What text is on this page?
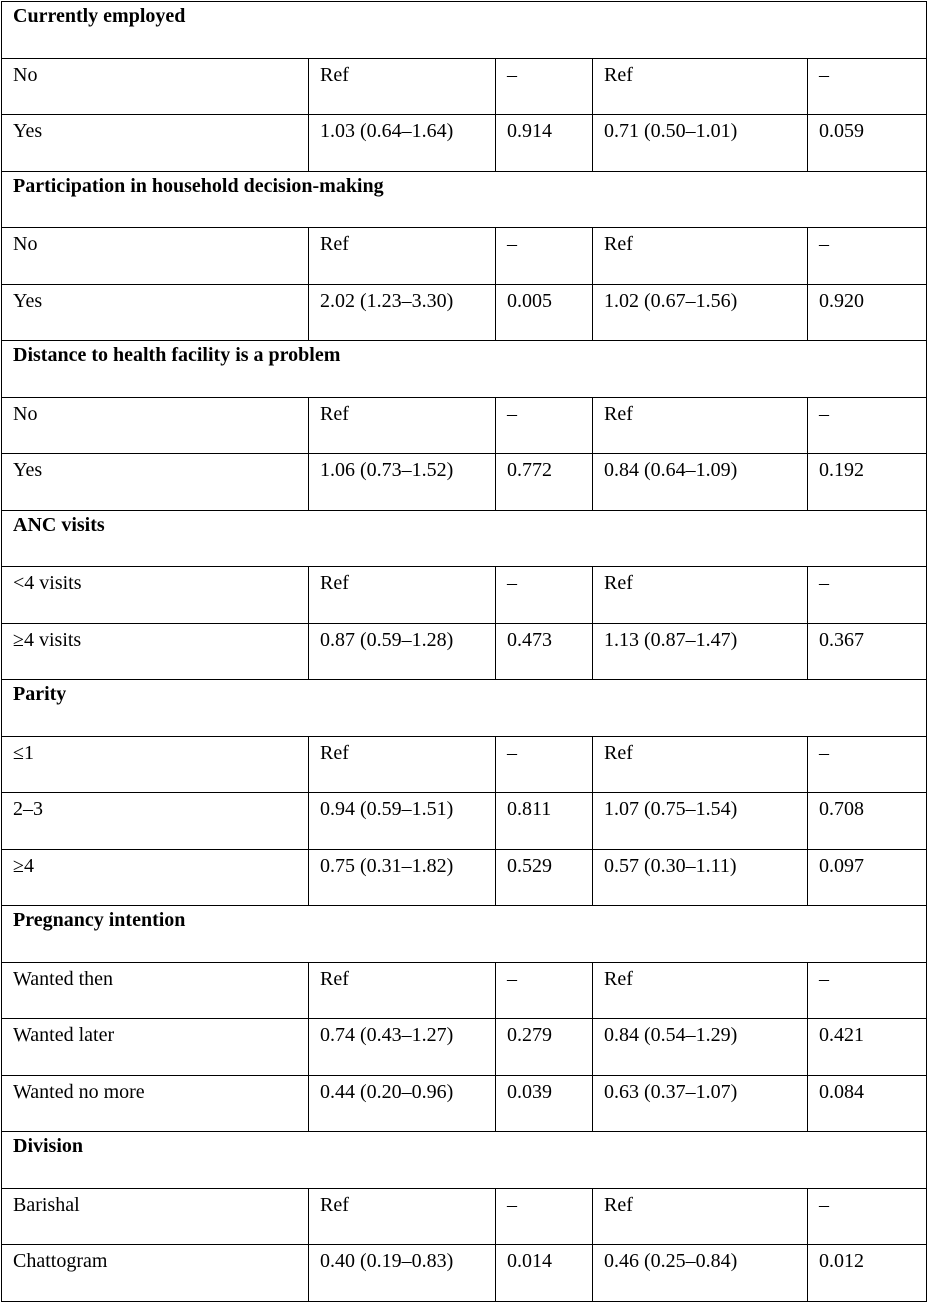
Currently employed				

No	Ref	–	Ref	–

Yes	1.03 (0.64–1.64)	0.914	0.71 (0.50–1.01)	0.059

Participation in household decision-making				

No	Ref	–	Ref	–

Yes	2.02 (1.23–3.30)	0.005	1.02 (0.67–1.56)	0.920

Distance to health facility is a problem				

No	Ref	–	Ref	–

Yes	1.06 (0.73–1.52)	0.772	0.84 (0.64–1.09)	0.192

ANC visits				

<4 visits	Ref	–	Ref	–

≥4 visits	0.87 (0.59–1.28)	0.473	1.13 (0.87–1.47)	0.367

Parity				

≤1	Ref	–	Ref	–

2–3	0.94 (0.59–1.51)	0.811	1.07 (0.75–1.54)	0.708

≥4	0.75 (0.31–1.82)	0.529	0.57 (0.30–1.11)	0.097

Pregnancy intention				

Wanted then	Ref	–	Ref	–

Wanted later	0.74 (0.43–1.27)	0.279	0.84 (0.54–1.29)	0.421

Wanted no more	0.44 (0.20–0.96)	0.039	0.63 (0.37–1.07)	0.084

Division				

Barishal	Ref	–	Ref	–

Chattogram	0.40 (0.19–0.83)	0.014	0.46 (0.25–0.84)	0.012
